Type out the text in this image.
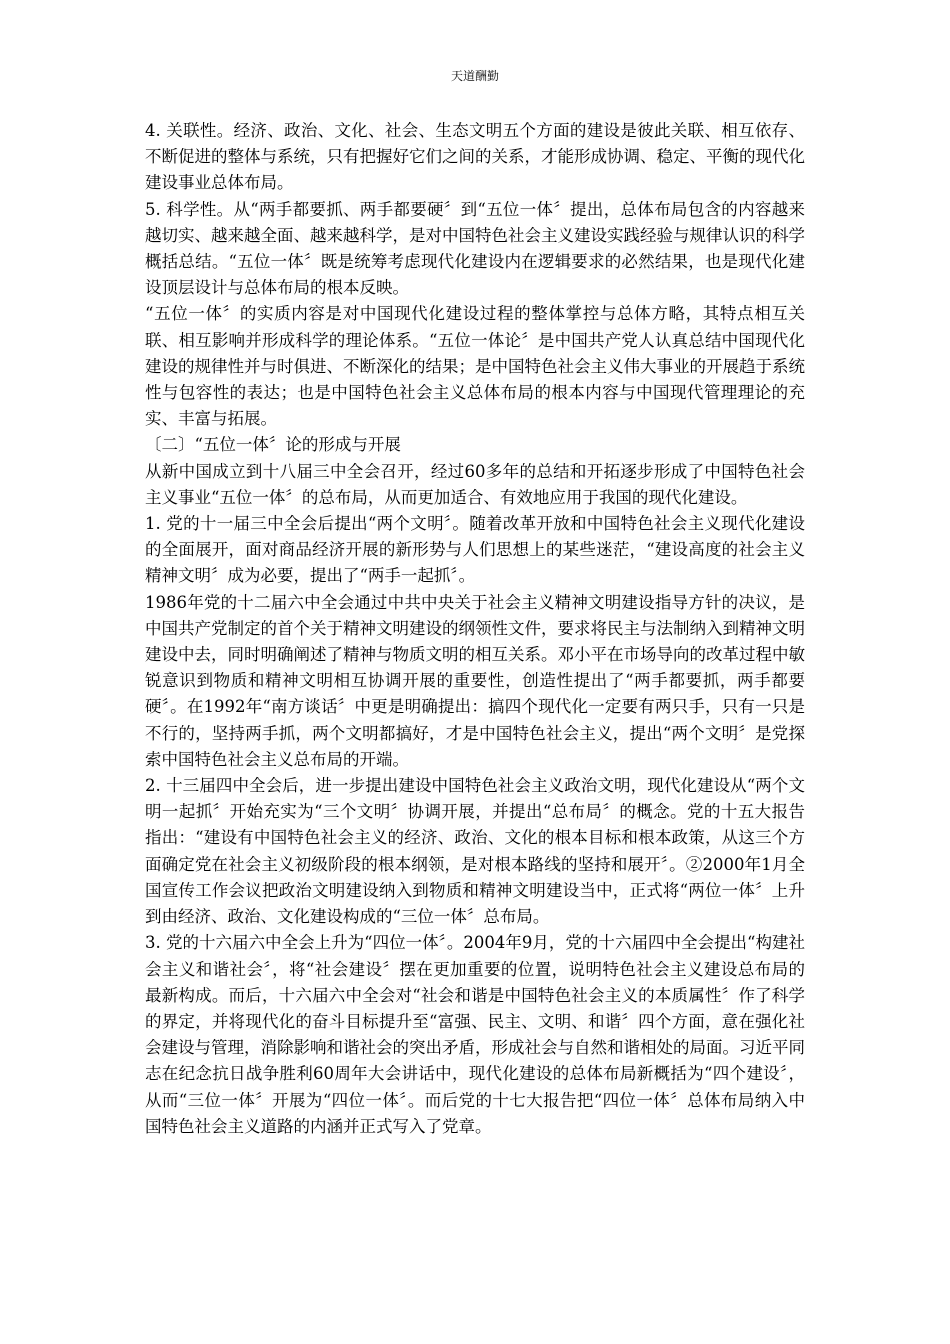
天道酬勤

4. 关联性。经济、政治、文化、社会、生态文明五个方面的建设是彼此关联、相互依存、不断促进的整体与系统，只有把握好它们之间的关系，才能形成协调、稳定、平衡的现代化建设事业总体布局。

5. 科学性。从“两手都要抓、两手都要硬〞到“五位一体〞提出，总体布局包含的内容越来越切实、越来越全面、越来越科学，是对中国特色社会主义建设实践经验与规律认识的科学概括总结。“五位一体〞既是统筹考虑现代化建设内在逻辑要求的必然结果，也是现代化建设顶层设计与总体布局的根本反映。

“五位一体〞的实质内容是对中国现代化建设过程的整体掌控与总体方略，其特点相互关联、相互影响并形成科学的理论体系。“五位一体论〞是中国共产党人认真总结中国现代化建设的规律性并与时俱进、不断深化的结果；是中国特色社会主义伟大事业的开展趋于系统性与包容性的表达；也是中国特色社会主义总体布局的根本内容与中国现代管理理论的充实、丰富与拓展。

〔二〕“五位一体〞论的形成与开展

从新中国成立到十八届三中全会召开，经过60多年的总结和开拓逐步形成了中国特色社会主义事业“五位一体〞的总布局，从而更加适合、有效地应用于我国的现代化建设。

1. 党的十一届三中全会后提出“两个文明〞。随着改革开放和中国特色社会主义现代化建设的全面展开，面对商品经济开展的新形势与人们思想上的某些迷茫，“建设高度的社会主义精神文明〞成为必要，提出了“两手一起抓〞。

1986年党的十二届六中全会通过中共中央关于社会主义精神文明建设指导方针的决议，是中国共产党制定的首个关于精神文明建设的纲领性文件，要求将民主与法制纳入到精神文明建设中去，同时明确阐述了精神与物质文明的相互关系。邓小平在市场导向的改革过程中敏锐意识到物质和精神文明相互协调开展的重要性，创造性提出了“两手都要抓，两手都要硬〞。在1992年“南方谈话〞中更是明确提出：搞四个现代化一定要有两只手，只有一只是不行的，坚持两手抓，两个文明都搞好，才是中国特色社会主义，提出“两个文明〞是党探索中国特色社会主义总布局的开端。

2. 十三届四中全会后，进一步提出建设中国特色社会主义政治文明，现代化建设从“两个文明一起抓〞开始充实为“三个文明〞协调开展，并提出“总布局〞的概念。党的十五大报告指出：“建设有中国特色社会主义的经济、政治、文化的根本目标和根本政策，从这三个方面确定党在社会主义初级阶段的根本纲领，是对根本路线的坚持和展开〞。②2000年1月全国宣传工作会议把政治文明建设纳入到物质和精神文明建设当中，正式将“两位一体〞上升到由经济、政治、文化建设构成的“三位一体〞总布局。

3. 党的十六届六中全会上升为“四位一体〞。2004年9月，党的十六届四中全会提出“构建社会主义和谐社会〞，将“社会建设〞摆在更加重要的位置，说明特色社会主义建设总布局的最新构成。而后，十六届六中全会对“社会和谐是中国特色社会主义的本质属性〞作了科学的界定，并将现代化的奋斗目标提升至“富强、民主、文明、和谐〞四个方面，意在强化社会建设与管理，消除影响和谐社会的突出矛盾，形成社会与自然和谐相处的局面。习近平同志在纪念抗日战争胜利60周年大会讲话中，现代化建设的总体布局新概括为“四个建设〞，从而“三位一体〞开展为“四位一体〞。而后党的十七大报告把“四位一体〞总体布局纳入中国特色社会主义道路的内涵并正式写入了党章。
